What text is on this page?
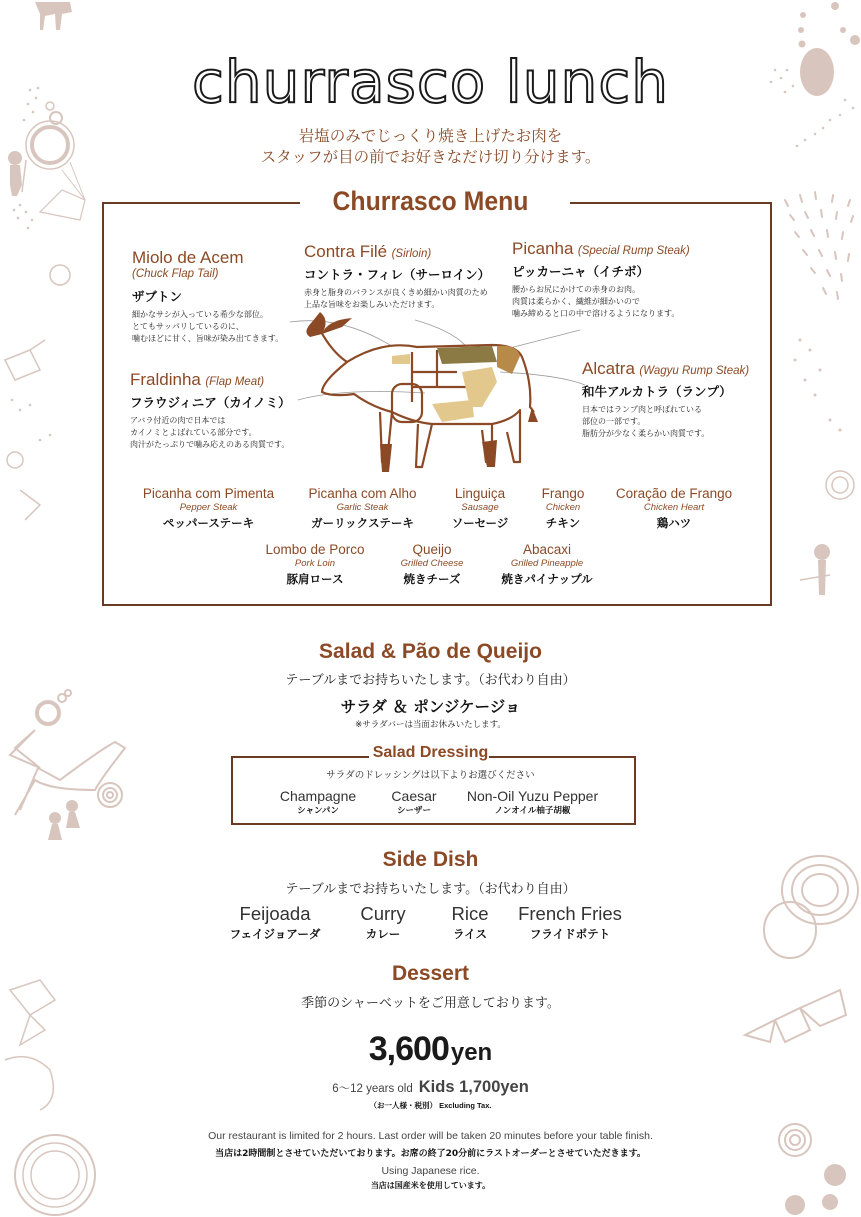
churrasco lunch
岩塩のみでじっくり焼き上げたお肉を
スタッフが目の前でお好きなだけ切り分けます。
Churrasco Menu
Miolo de Acem
(Chuck Flap Tail)
ザブトン
細かなサシが入っている希少な部位。
とてもサッパリしているのに、
噛むほどに甘く、旨味が染み出てきます。
Contra Filé (Sirloin)
コントラ・フィレ（サーロイン）
赤身と脂身のバランスが良くきめ細かい肉質のため
上品な旨味をお楽しみいただけます。
Picanha (Special Rump Steak)
ピッカーニャ（イチボ）
腰からお尻にかけての赤身のお肉。
肉質は柔らかく、繊維が細かいので
噛み締めると口の中で溶けるようになります。
Fraldinha (Flap Meat)
フラウジィニア（カイノミ）
アバラ付近の肉で日本では
カイノミとよばれている部分です。
肉汁がたっぷりで噛み応えのある肉質です。
Alcatra (Wagyu Rump Steak)
和牛アルカトラ（ランプ）
日本ではランプ肉と呼ばれている
部位の一部です。
脂肪分が少なく柔らかい肉質です。
Picanha com Pimenta
Pepper Steak
ペッパーステーキ
Picanha com Alho
Garlic Steak
ガーリックステーキ
Linguiça
Sausage
ソーセージ
Frango
Chicken
チキン
Coração de Frango
Chicken Heart
鶏ハツ
Lombo de Porco
Pork Loin
豚肩ロース
Queijo
Grilled Cheese
焼きチーズ
Abacaxi
Grilled Pineapple
焼きパイナップル
Salad & Pão de Queijo
テーブルまでお持ちいたします。（お代わり自由）
サラダ ＆ ポンジケージョ
※サラダバーは当面お休みいたします。
Salad Dressing
サラダのドレッシングは以下よりお選びください
Champagne
シャンパン
Caesar
シーザー
Non-Oil Yuzu Pepper
ノンオイル柚子胡椒
Side Dish
テーブルまでお持ちいたします。（お代わり自由）
Feijoada
フェイジョアーダ
Curry
カレー
Rice
ライス
French Fries
フライドポテト
Dessert
季節のシャーベットをご用意しております。
3,600yen
6〜12 years old Kids 1,700yen
（お一人様・税別） Excluding Tax.
Our restaurant is limited for 2 hours. Last order will be taken 20 minutes before your table finish.
当店は2時間制とさせていただいております。お席の終了20分前にラストオーダーとさせていただきます。
Using Japanese rice.
当店は国産米を使用しています。
